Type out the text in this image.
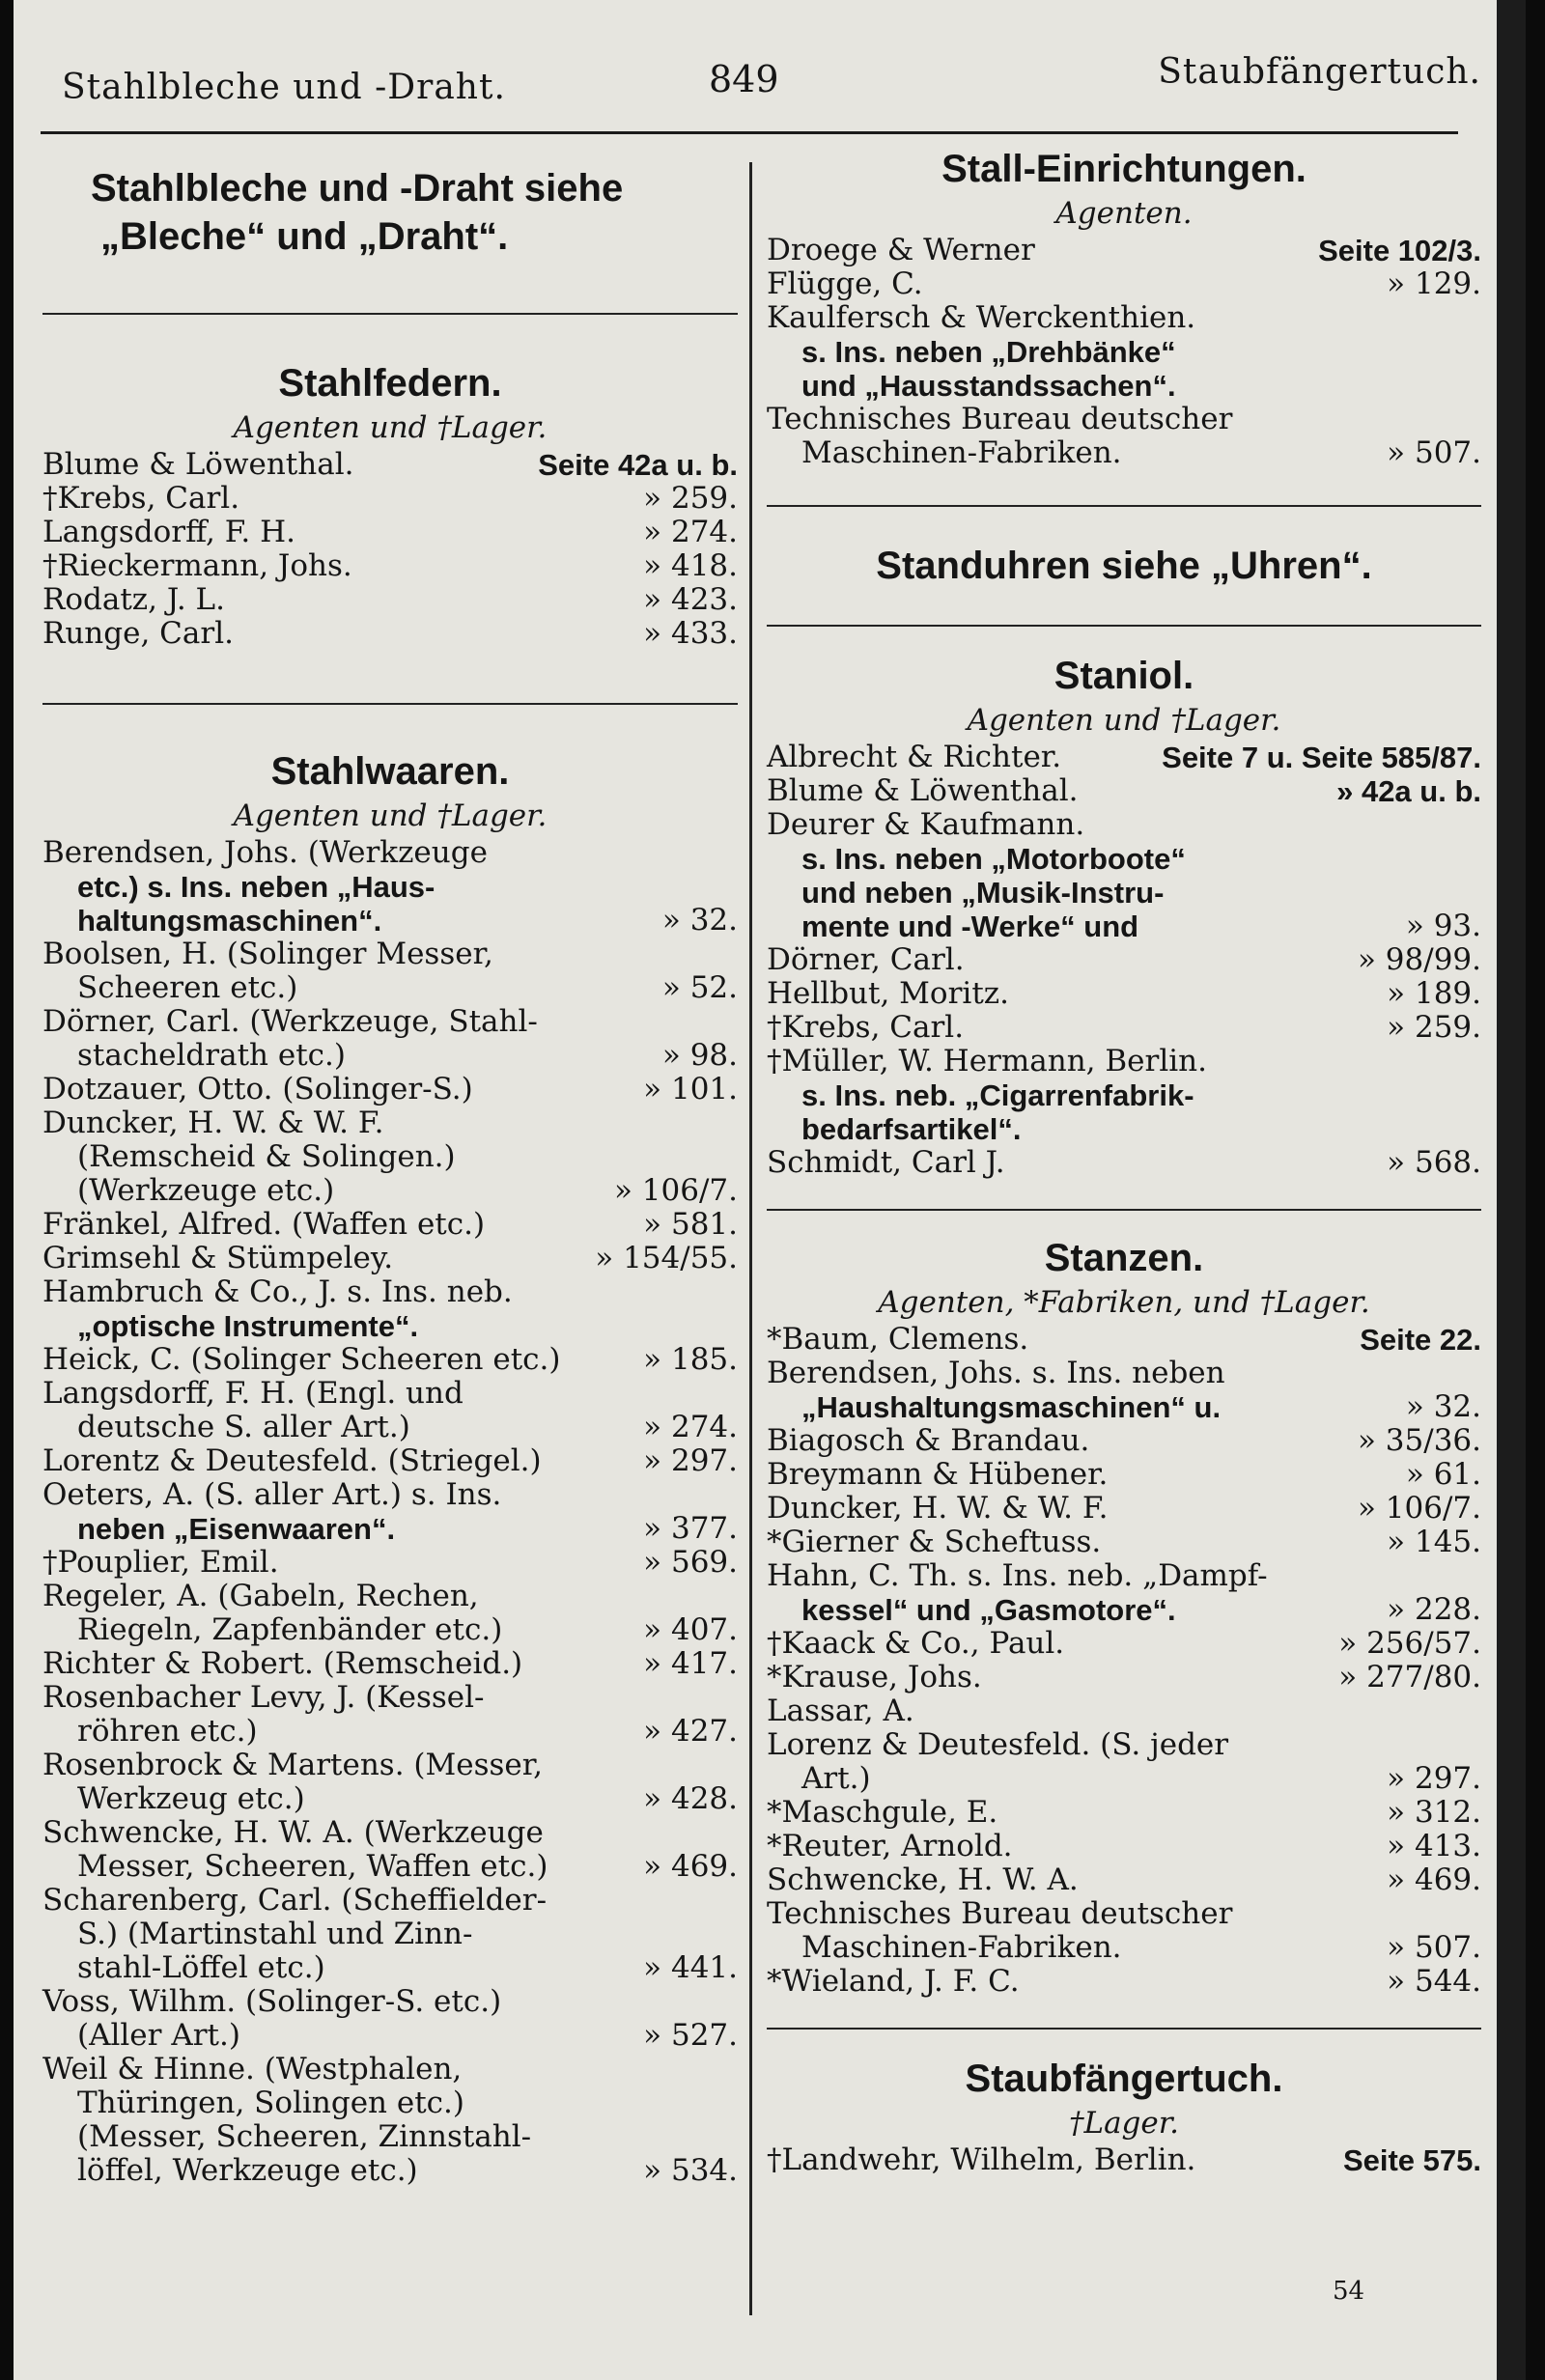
Stahlbleche und -Draht.	849	Staubfängertuch.

Stahlbleche und -Draht siehe

„Bleche“ und „Draht“.

Stahlfedern.

Agenten und †Lager.
Blume & Löwenthal.	Seite 42a u. b.
†Krebs, Carl.	» 259.
Langsdorff, F. H.	» 274.
†Rieckermann, Johs.	» 418.
Rodatz, J. L.	» 423.
Runge, Carl.	» 433.

Stahlwaaren.

Agenten und †Lager.
Berendsen, Johs. (Werkzeuge
etc.) s. Ins. neben „Haus-
haltungsmaschinen“.	» 32.
Boolsen, H. (Solinger Messer,
Scheeren etc.)	» 52.
Dörner, Carl. (Werkzeuge, Stahl-
stacheldrath etc.)	» 98.
Dotzauer, Otto. (Solinger-S.)	» 101.
Duncker, H. W. & W. F.
(Remscheid & Solingen.)
(Werkzeuge etc.)	» 106/7.
Fränkel, Alfred. (Waffen etc.)	» 581.
Grimsehl & Stümpeley.	» 154/55.
Hambruch & Co., J. s. Ins. neb.
„optische Instrumente“.
Heick, C. (Solinger Scheeren etc.)	» 185.
Langsdorff, F. H. (Engl. und
deutsche S. aller Art.)	» 274.
Lorentz & Deutesfeld. (Striegel.)	» 297.
Oeters, A. (S. aller Art.) s. Ins.
neben „Eisenwaaren“.	» 377.
†Pouplier, Emil.	» 569.
Regeler, A. (Gabeln, Rechen,
Riegeln, Zapfenbänder etc.)	» 407.
Richter & Robert. (Remscheid.)	» 417.
Rosenbacher Levy, J. (Kessel-
röhren etc.)	» 427.
Rosenbrock & Martens. (Messer,
Werkzeug etc.)	» 428.
Schwencke, H. W. A. (Werkzeuge
Messer, Scheeren, Waffen etc.)	» 469.
Scharenberg, Carl. (Scheffielder-
S.) (Martinstahl und Zinn-
stahl-Löffel etc.)	» 441.
Voss, Wilhm. (Solinger-S. etc.)
(Aller Art.)	» 527.
Weil & Hinne. (Westphalen,
Thüringen, Solingen etc.)
(Messer, Scheeren, Zinnstahl-
löffel, Werkzeuge etc.)	» 534.

Stall-Einrichtungen.

Agenten.
Droege & Werner	Seite 102/3.
Flügge, C.	» 129.
Kaulfersch & Werckenthien.
s. Ins. neben „Drehbänke“
und „Hausstandssachen“.
Technisches Bureau deutscher
Maschinen-Fabriken.	» 507.

Standuhren siehe „Uhren“.

Staniol.

Agenten und †Lager.
Albrecht & Richter.	Seite 7 u. Seite 585/87.
Blume & Löwenthal.	» 42a u. b.
Deurer & Kaufmann.
s. Ins. neben „Motorboote“
und neben „Musik-Instru-
mente und -Werke“ und	» 93.
Dörner, Carl.	» 98/99.
Hellbut, Moritz.	» 189.
†Krebs, Carl.	» 259.
†Müller, W. Hermann, Berlin.
s. Ins. neb. „Cigarrenfabrik-
bedarfsartikel“.
Schmidt, Carl J.	» 568.

Stanzen.

Agenten, *Fabriken, und †Lager.
*Baum, Clemens.	Seite 22.
Berendsen, Johs. s. Ins. neben
„Haushaltungsmaschinen“ u.	» 32.
Biagosch & Brandau.	» 35/36.
Breymann & Hübener.	» 61.
Duncker, H. W. & W. F.	» 106/7.
*Gierner & Scheftuss.	» 145.
Hahn, C. Th. s. Ins. neb. „Dampf-
kessel“ und „Gasmotore“.	» 228.
†Kaack & Co., Paul.	» 256/57.
*Krause, Johs.	» 277/80.
Lassar, A.
Lorenz & Deutesfeld. (S. jeder
Art.)	» 297.
*Maschgule, E.	» 312.
*Reuter, Arnold.	» 413.
Schwencke, H. W. A.	» 469.
Technisches Bureau deutscher
Maschinen-Fabriken.	» 507.
*Wieland, J. F. C.	» 544.

Staubfängertuch.

†Lager.
†Landwehr, Wilhelm, Berlin.	Seite 575.
54
